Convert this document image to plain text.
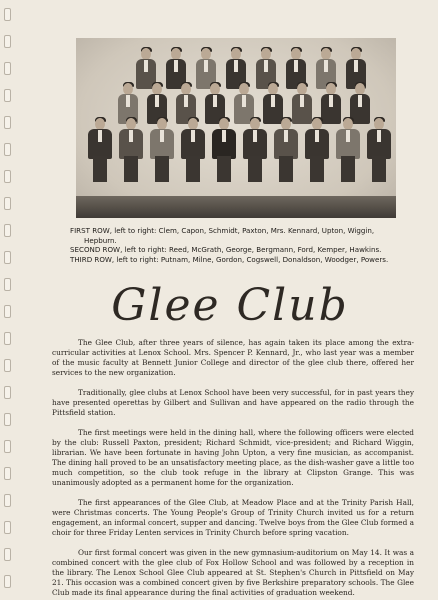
FIRST ROW, left to right: Clem, Capon, Schmidt, Paxton, Mrs. Kennard, Upton, Wiggin,
Hepburn.
SECOND ROW, left to right: Reed, McGrath, George, Bergmann, Ford, Kemper, Hawkins.
THIRD ROW, left to right: Putnam, Milne, Gordon, Cogswell, Donaldson, Woodger, Powers.
Glee Club

The Glee Club, after three years of silence, has again taken its place among the extra-curricular activities at Lenox School. Mrs. Spencer P. Kennard, Jr., who last year was a member of the music faculty at Bennett Junior College and director of the glee club there, offered her services to the new organization.

Traditionally, glee clubs at Lenox School have been very successful, for in past years they have presented operettas by Gilbert and Sullivan and have appeared on the radio through the Pittsfield station.

The first meetings were held in the dining hall, where the following officers were elected by the club: Russell Paxton, president; Richard Schmidt, vice-president; and Richard Wiggin, librarian. We have been fortunate in having John Upton, a very fine musician, as accompanist. The dining hall proved to be an unsatisfactory meeting place, as the dish-washer gave a little too much competition, so the club took refuge in the library at Clipston Grange. This was unanimously adopted as a permanent home for the organization.

The first appearances of the Glee Club, at Meadow Place and at the Trinity Parish Hall, were Christmas concerts. The Young People's Group of Trinity Church invited us for a return engagement, an informal concert, supper and dancing. Twelve boys from the Glee Club formed a choir for three Friday Lenten services in Trinity Church before spring vacation.

Our first formal concert was given in the new gymnasium-auditorium on May 14. It was a combined concert with the glee club of Fox Hollow School and was followed by a reception in the library. The Lenox School Glee Club appeared at St. Stephen's Church in Pittsfield on May 21. This occasion was a combined concert given by five Berkshire preparatory schools. The Glee Club made its final appearance during the final activities of graduation weekend.
